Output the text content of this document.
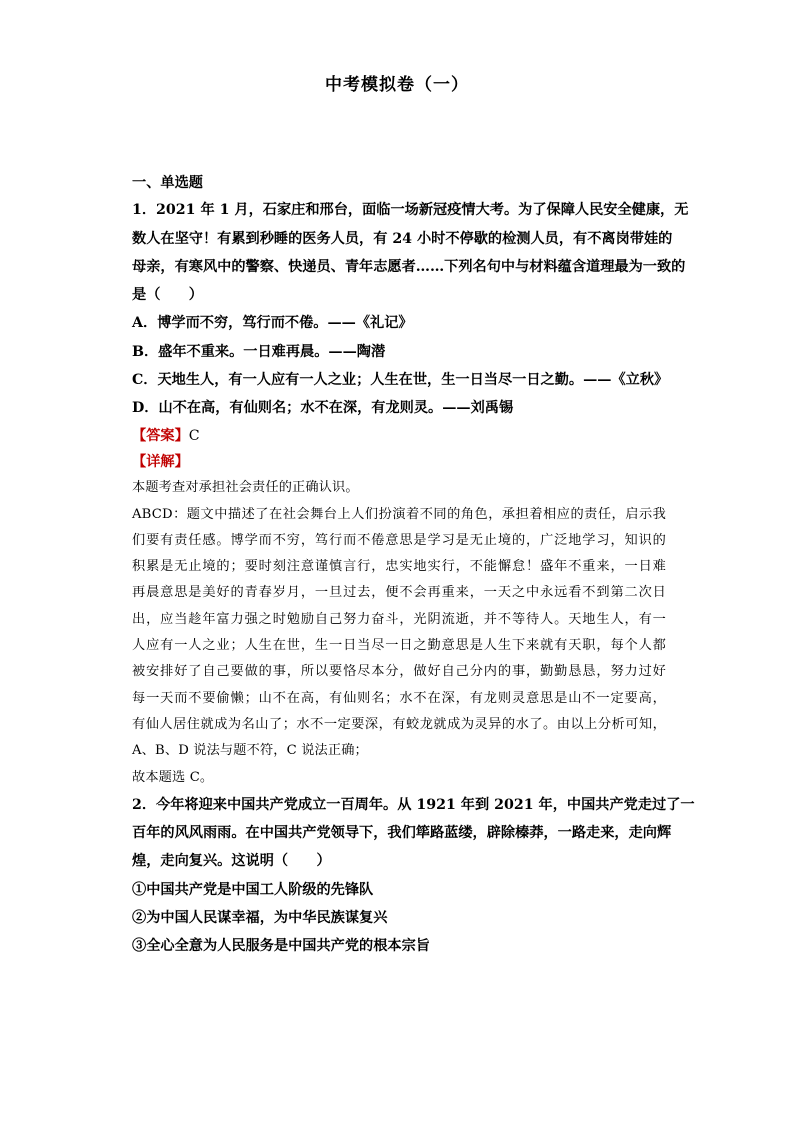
中考模拟卷（一）
一、单选题
1．2021 年 1 月，石家庄和邢台，面临一场新冠疫情大考。为了保障人民安全健康，无
数人在坚守！有累到秒睡的医务人员，有 24 小时不停歇的检测人员，有不离岗带娃的
母亲，有寒风中的警察、快递员、青年志愿者……下列名句中与材料蕴含道理最为一致的
是（　　）
A．博学而不穷，笃行而不倦。——《礼记》
B．盛年不重来。一日难再晨。——陶潜
C．天地生人，有一人应有一人之业；人生在世，生一日当尽一日之勤。——《立秋》
D．山不在高，有仙则名；水不在深，有龙则灵。——刘禹锡
【答案】C
【详解】
本题考查对承担社会责任的正确认识。
ABCD：题文中描述了在社会舞台上人们扮演着不同的角色，承担着相应的责任，启示我
们要有责任感。博学而不穷，笃行而不倦意思是学习是无止境的，广泛地学习，知识的
积累是无止境的；要时刻注意谨慎言行，忠实地实行，不能懈怠！盛年不重来，一日难
再晨意思是美好的青春岁月，一旦过去，便不会再重来，一天之中永远看不到第二次日
出，应当趁年富力强之时勉励自己努力奋斗，光阴流逝，并不等待人。天地生人，有一
人应有一人之业；人生在世，生一日当尽一日之勤意思是人生下来就有天职，每个人都
被安排好了自己要做的事，所以要恪尽本分，做好自己分内的事，勤勤恳恳，努力过好
每一天而不要偷懒；山不在高，有仙则名；水不在深，有龙则灵意思是山不一定要高，
有仙人居住就成为名山了；水不一定要深，有蛟龙就成为灵异的水了。由以上分析可知，
A、B、D 说法与题不符，C 说法正确；
故本题选 C。
2．今年将迎来中国共产党成立一百周年。从 1921 年到 2021 年，中国共产党走过了一
百年的风风雨雨。在中国共产党领导下，我们筚路蓝缕，辟除榛莽，一路走来，走向辉
煌，走向复兴。这说明（　　）
①中国共产党是中国工人阶级的先锋队
②为中国人民谋幸福，为中华民族谋复兴
③全心全意为人民服务是中国共产党的根本宗旨
